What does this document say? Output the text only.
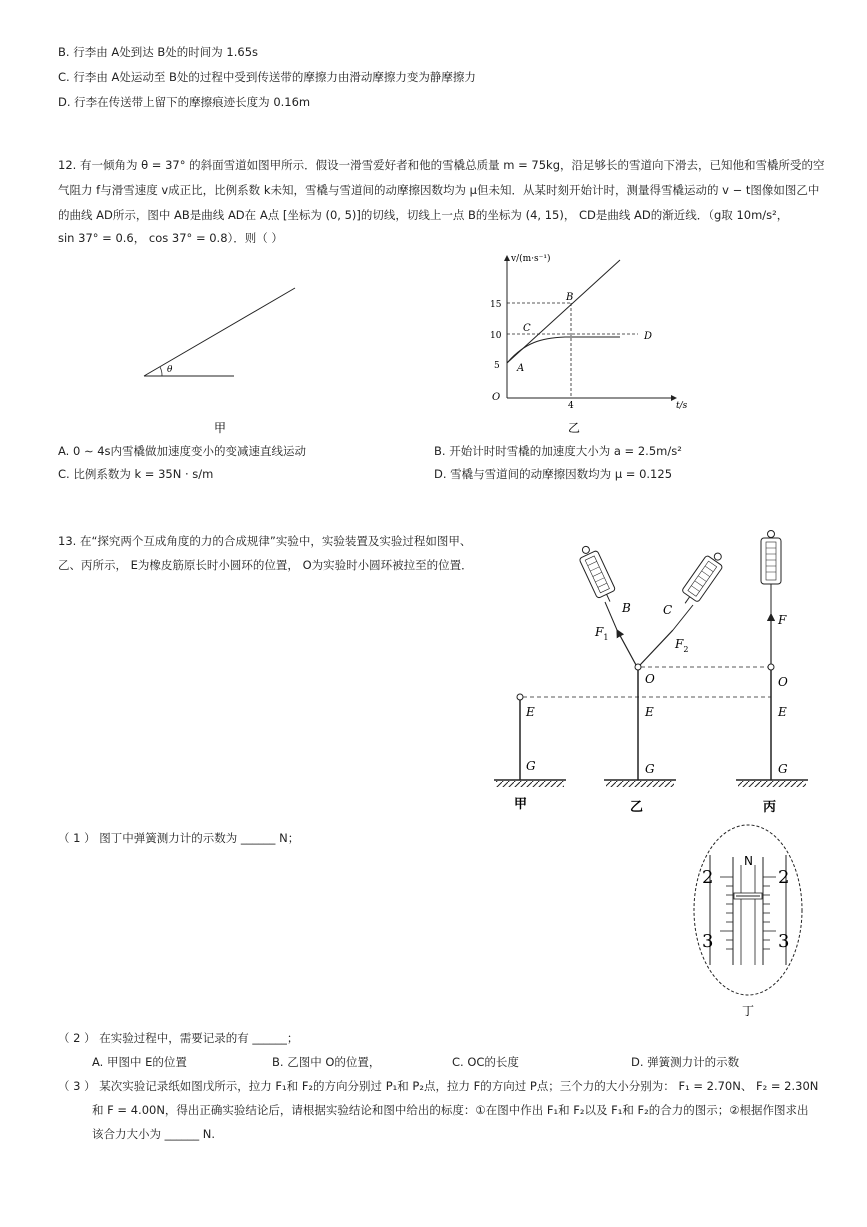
B. 行李由 A处到达 B处的时间为 1.65s
C. 行李由 A处运动至 B处的过程中受到传送带的摩擦力由滑动摩擦力变为静摩擦力
D. 行李在传送带上留下的摩擦痕迹长度为 0.16m
12. 有一倾角为 θ = 37° 的斜面雪道如图甲所示．假设一滑雪爱好者和他的雪橇总质量 m = 75kg，沿足够长的雪道向下滑去，已知他和雪橇所受的空
气阻力 f与滑雪速度 v成正比，比例系数 k未知，雪橇与雪道间的动摩擦因数均为 μ但未知．从某时刻开始计时，测量得雪橇运动的 v − t图像如图乙中
的曲线 AD所示，图中 AB是曲线 AD在 A点 [坐标为 (0, 5)]的切线，切线上一点 B的坐标为 (4, 15)， CD是曲线 AD的渐近线．（g取 10m/s²，
sin 37° = 0.6， cos 37° = 0.8）．则（ ）
θ
甲
v/(m·s⁻¹)
t/s
O
15
10
5
4
A
B
C
D
乙
A. 0 ∼ 4s内雪橇做加速度变小的变减速直线运动	B. 开始计时时雪橇的加速度大小为 a = 2.5m/s²
C. 比例系数为 k = 35N · s/m	D. 雪橇与雪道间的动摩擦因数均为 μ = 0.125
13. 在“探究两个互成角度的力的合成规律”实验中，实验装置及实验过程如图甲、
乙、丙所示， E为橡皮筋原长时小圆环的位置， O为实验时小圆环被拉至的位置．
B	C
$F_1$	$F_2$
F
O	O
E	E	E
G	G	G
甲	乙	丙
（ 1 ） 图丁中弹簧测力计的示数为 ______ N；
N
2	2
3	3
丁
（ 2 ） 在实验过程中，需要记录的有 ______；
A. 甲图中 E的位置	B. 乙图中 O的位置，	C. OC的长度	D. 弹簧测力计的示数
（ 3 ） 某次实验记录纸如图戊所示，拉力 F₁和 F₂的方向分别过 P₁和 P₂点，拉力 F的方向过 P点；三个力的大小分别为： F₁ = 2.70N、 F₂ = 2.30N
和 F = 4.00N，得出正确实验结论后，请根据实验结论和图中给出的标度：①在图中作出 F₁和 F₂以及 F₁和 F₂的合力的图示；②根据作图求出
该合力大小为 ______ N.
